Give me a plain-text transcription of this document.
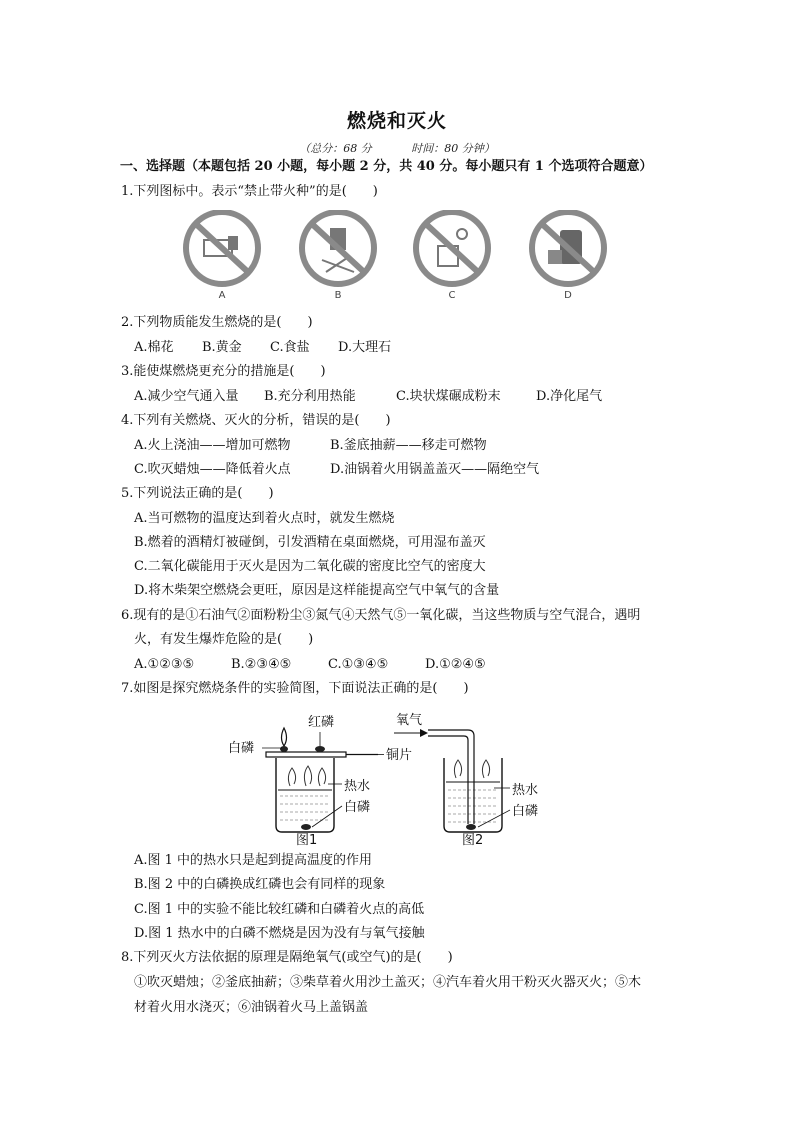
燃烧和灭火
（总分：68 分	时间：80 分钟）
一、选择题（本题包括 20 小题，每小题 2 分，共 40 分。每小题只有 1 个选项符合题意）
1.下列图标中。表示“禁止带火种”的是(　　)
A	B	C	D
2.下列物质能发生燃烧的是(　　)
A.棉花	B.黄金	C.食盐	D.大理石
3.能使煤燃烧更充分的措施是(　　)
A.减少空气通入量	B.充分利用热能	C.块状煤碾成粉末	D.净化尾气
4.下列有关燃烧、灭火的分析，错误的是(　　)
A.火上浇油——增加可燃物	B.釜底抽薪——移走可燃物
C.吹灭蜡烛——降低着火点	D.油锅着火用锅盖盖灭——隔绝空气
5.下列说法正确的是(　　)
A.当可燃物的温度达到着火点时，就发生燃烧
B.燃着的酒精灯被碰倒，引发酒精在桌面燃烧，可用湿布盖灭
C.二氧化碳能用于灭火是因为二氧化碳的密度比空气的密度大
D.将木柴架空燃烧会更旺，原因是这样能提高空气中氧气的含量
6.现有的是①石油气②面粉粉尘③氮气④天然气⑤一氧化碳，当这些物质与空气混合，遇明
火，有发生爆炸危险的是(　　)
A.①②③⑤	B.②③④⑤	C.①③④⑤	D.①②④⑤
7.如图是探究燃烧条件的实验简图，下面说法正确的是(　　)
白磷
红磷
铜片
热水
白磷
图1
氧气
热水
白磷
图2
A.图 1 中的热水只是起到提高温度的作用
B.图 2 中的白磷换成红磷也会有同样的现象
C.图 1 中的实验不能比较红磷和白磷着火点的高低
D.图 1 热水中的白磷不燃烧是因为没有与氧气接触
8.下列灭火方法依据的原理是隔绝氧气(或空气)的是(　　)
①吹灭蜡烛；②釜底抽薪；③柴草着火用沙土盖灭；④汽车着火用干粉灭火器灭火；⑤木
材着火用水浇灭；⑥油锅着火马上盖锅盖
